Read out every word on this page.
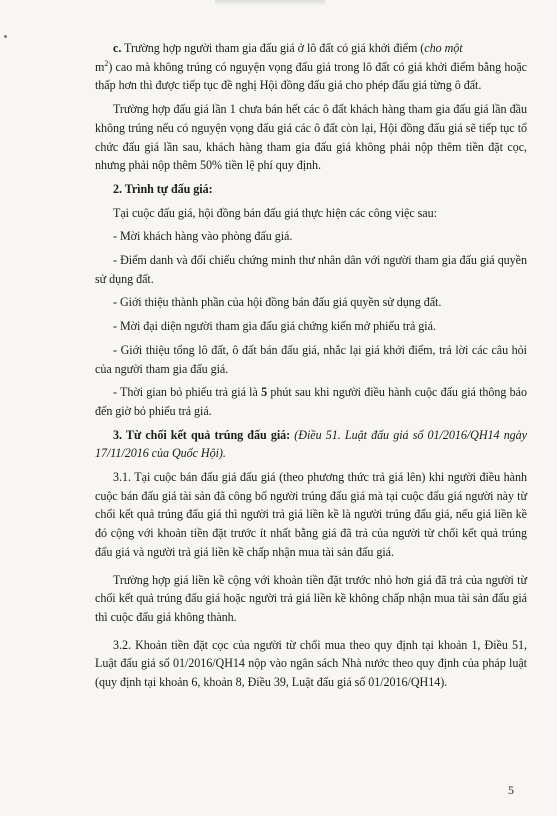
c. Trường hợp người tham gia đấu giá ở lô đất có giá khởi điểm (cho một
$m^2$) cao mà không trúng có nguyện vọng đấu giá trong lô đất có giá khởi điểm bằng hoặc thấp hơn thì được tiếp tục đề nghị Hội đồng đấu giá cho phép đấu giá từng ô đất.

Trường hợp đấu giá lần 1 chưa bán hết các ô đất khách hàng tham gia đấu giá lần đầu không trúng nếu có nguyện vọng đấu giá các ô đất còn lại, Hội đồng đấu giá sẽ tiếp tục tổ chức đấu giá lần sau, khách hàng tham gia đấu giá không phải nộp thêm tiền đặt cọc, nhưng phải nộp thêm 50% tiền lệ phí quy định.

2. Trình tự đấu giá:

Tại cuộc đấu giá, hội đồng bán đấu giá thực hiện các công việc sau:

- Mời khách hàng vào phòng đấu giá.

- Điểm danh và đối chiếu chứng minh thư nhân dân với người tham gia đấu giá quyền sử dụng đất.

- Giới thiệu thành phần của hội đồng bán đấu giá quyền sử dụng đất.

- Mời đại diện người tham gia đấu giá chứng kiến mở phiếu trả giá.

- Giới thiệu tổng lô đất, ô đất bán đấu giá, nhắc lại giá khởi điểm, trả lời các câu hỏi của người tham gia đấu giá.

- Thời gian bỏ phiếu trả giá là 5 phút sau khi người điều hành cuộc đấu giá thông báo đến giờ bỏ phiếu trả giá.

3. Từ chối kết quả trúng đấu giá: (Điều 51. Luật đấu giá số 01/2016/QH14 ngày 17/11/2016 của Quốc Hội).

3.1. Tại cuộc bán đấu giá đấu giá (theo phương thức trả giá lên) khi người điều hành cuộc bán đấu giá tài sản đã công bố người trúng đấu giá mà tại cuộc đấu giá người này từ chối kết quả trúng đấu giá thì người trả giá liền kề là người trúng đấu giá, nếu giá liền kề đó cộng với khoản tiền đặt trước ít nhất bằng giá đã trả của người từ chối kết quả trúng đấu giá và người trả giá liền kề chấp nhận mua tài sản đấu giá.

Trường hợp giá liền kề cộng với khoản tiền đặt trước nhỏ hơn giá đã trả của người từ chối kết quả trúng đấu giá hoặc người trả giá liền kề không chấp nhận mua tài sản đấu giá thì cuộc đấu giá không thành.

3.2. Khoản tiền đặt cọc của người từ chối mua theo quy định tại khoản 1, Điều 51, Luật đấu giá số 01/2016/QH14 nộp vào ngân sách Nhà nước theo quy định của pháp luật (quy định tại khoản 6, khoản 8, Điều 39, Luật đấu giá số 01/2016/QH14).

5
